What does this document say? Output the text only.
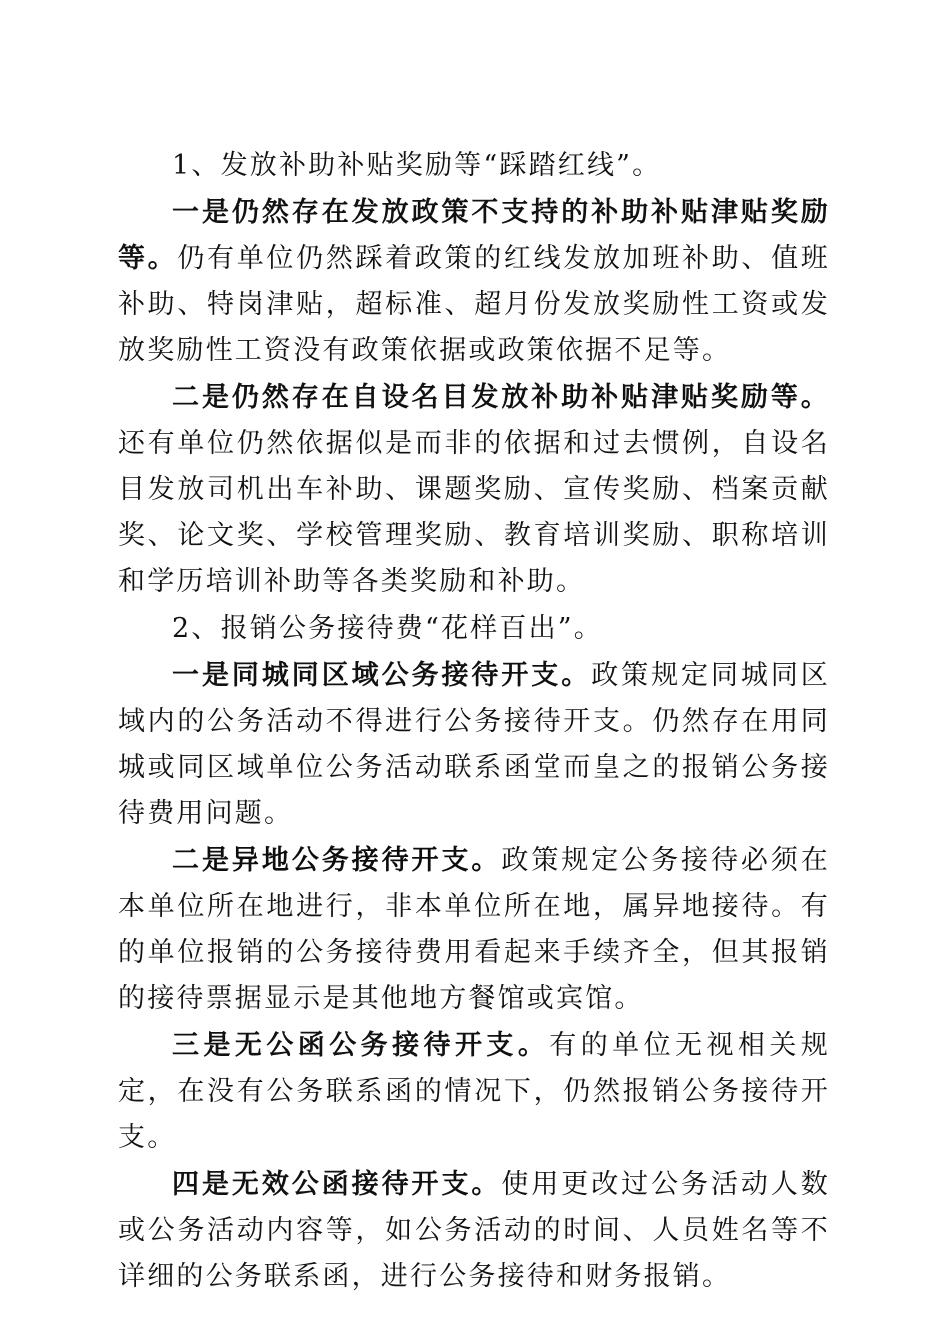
1、发放补助补贴奖励等“踩踏红线”。

一是仍然存在发放政策不支持的补助补贴津贴奖励等。仍有单位仍然踩着政策的红线发放加班补助、值班补助、特岗津贴，超标准、超月份发放奖励性工资或发放奖励性工资没有政策依据或政策依据不足等。

二是仍然存在自设名目发放补助补贴津贴奖励等。还有单位仍然依据似是而非的依据和过去惯例，自设名目发放司机出车补助、课题奖励、宣传奖励、档案贡献奖、论文奖、学校管理奖励、教育培训奖励、职称培训和学历培训补助等各类奖励和补助。

2、报销公务接待费“花样百出”。

一是同城同区域公务接待开支。政策规定同城同区域内的公务活动不得进行公务接待开支。仍然存在用同城或同区域单位公务活动联系函堂而皇之的报销公务接待费用问题。

二是异地公务接待开支。政策规定公务接待必须在本单位所在地进行，非本单位所在地，属异地接待。有的单位报销的公务接待费用看起来手续齐全，但其报销的接待票据显示是其他地方餐馆或宾馆。

三是无公函公务接待开支。有的单位无视相关规定，在没有公务联系函的情况下，仍然报销公务接待开支。

四是无效公函接待开支。使用更改过公务活动人数或公务活动内容等，如公务活动的时间、人员姓名等不详细的公务联系函，进行公务接待和财务报销。
